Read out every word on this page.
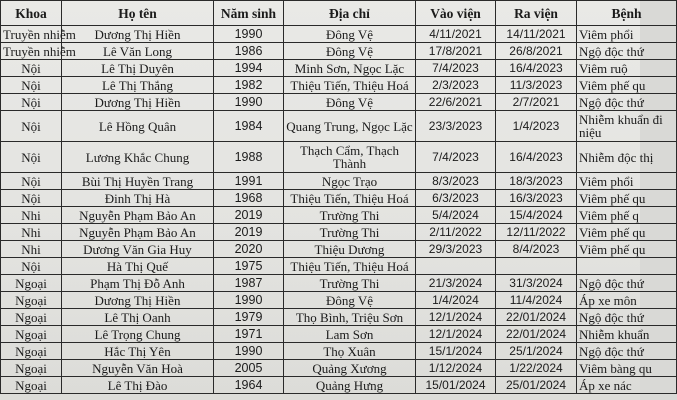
Khoa	Họ tên	Năm sinh	Địa chỉ	Vào viện	Ra viện	Bệnh
Truyền nhiễm	Dương Thị Hiền	1990	Đông Vệ	4/11/2021	14/11/2021	Viêm phổi
Truyền nhiễm	Lê Văn Long	1986	Đông Vệ	17/8/2021	26/8/2021	Ngộ độc thứ
Nội	Lê Thị Duyên	1994	Minh Sơn, Ngọc Lặc	7/4/2023	16/4/2023	Viêm ruộ
Nội	Lê Thị Thắng	1982	Thiệu Tiến, Thiệu Hoá	2/3/2023	11/3/2023	Viêm phế qu
Nội	Dương Thị Hiền	1990	Đông Vệ	22/6/2021	2/7/2021	Ngộ độc thứ
Nội	Lê Hồng Quân	1984	Quang Trung, Ngọc Lặc	23/3/2023	1/4/2023	Nhiễm khuẩn đi niệu
Nội	Lương Khắc Chung	1988	Thạch Cẩm, Thạch Thành	7/4/2023	16/4/2023	Nhiễm độc thị
Nội	Bùi Thị Huyền Trang	1991	Ngọc Trạo	8/3/2023	18/3/2023	Viêm phổi
Nội	Đinh Thị Hà	1968	Thiệu Tiến, Thiệu Hoá	6/3/2023	16/3/2023	Viêm phế qu
Nhi	Nguyễn Phạm Bảo An	2019	Trường Thi	5/4/2024	15/4/2024	Viêm phế q
Nhi	Nguyễn Phạm Bảo An	2019	Trường Thi	2/11/2022	12/11/2022	Viêm phế qu
Nhi	Dương Văn Gia Huy	2020	Thiệu Dương	29/3/2023	8/4/2023	Viêm phế qu
Nội	Hà Thị Quế	1975	Thiệu Tiến, Thiệu Hoá			
Ngoại	Phạm Thị Đỗ Anh	1987	Trường Thi	21/3/2024	31/3/2024	Ngộ độc thứ
Ngoại	Dương Thị Hiền	1990	Đông Vệ	1/4/2024	11/4/2024	Áp xe môn
Ngoại	Lê Thị Oanh	1979	Thọ Bình, Triệu Sơn	12/1/2024	22/01/2024	Ngộ độc thứ
Ngoại	Lê Trọng Chung	1971	Lam Sơn	12/1/2024	22/01/2024	Nhiễm khuẩn
Ngoại	Hắc Thị Yên	1990	Thọ Xuân	15/1/2024	25/1/2024	Ngộ độc thứ
Ngoại	Nguyễn Văn Hoà	2005	Quảng Xương	1/12/2024	1/22/2024	Viêm bàng qu
Ngoại	Lê Thị Đào	1964	Quảng Hưng	15/01/2024	25/01/2024	Áp xe nác
